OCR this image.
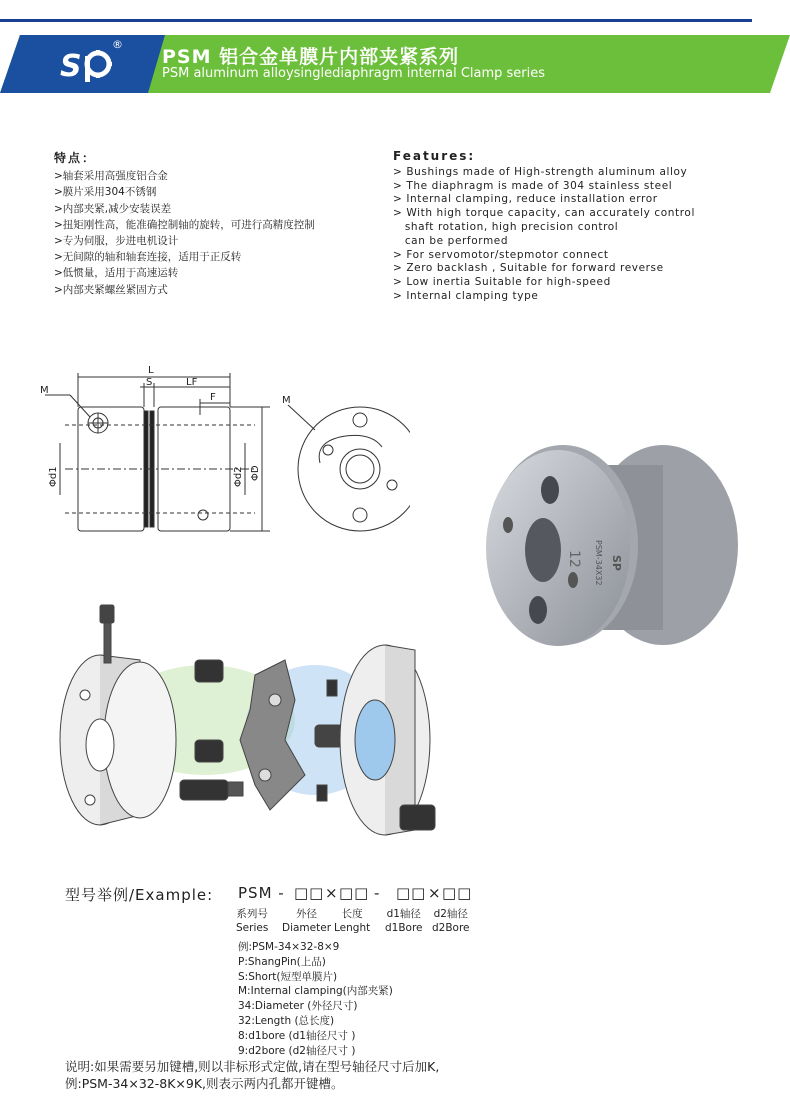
S
®
PSM 铝合金单膜片内部夹紧系列
PSM aluminum alloysinglediaphragm internal Clamp series
特点：
>轴套采用高强度铝合金
>膜片采用304不锈钢
>内部夹紧,减少安装误差
>扭矩刚性高，能准确控制轴的旋转，可进行高精度控制
>专为伺服，步进电机设计
>无间隙的轴和轴套连接，适用于正反转
>低惯量，适用于高速运转
>内部夹紧螺丝紧固方式
Features:
> Bushings made of High-strength aluminum alloy
> The diaphragm is made of 304 stainless steel
> Internal clamping, reduce installation error
> With high torque capacity, can accurately control
shaft rotation, high precision control
can be performed
> For servomotor/stepmotor connect
> Zero backlash , Suitable for forward reverse
> Low inertia Suitable for high-speed
> Internal clamping type
L
S	LF
F
M
M
Φd1	Φd2 ΦD
12 PSM-34X32 SP
型号举例/Example: PSM - □□ × □□ - □□ × □□
系列号
Series
外径
Diameter
长度
Lenght
d1轴径
d1Bore
d2轴径
d2Bore
例:PSM-34×32-8×9
P:ShangPin(上品)
S:Short(短型单膜片)
M:Internal clamping(内部夹紧)
34:Diameter (外径尺寸)
32:Length (总长度)
8:d1bore (d1轴径尺寸 )
9:d2bore (d2轴径尺寸 )
说明:如果需要另加键槽,则以非标形式定做,请在型号轴径尺寸后加K,
例:PSM-34×32-8K×9K,则表示两内孔都开键槽。
